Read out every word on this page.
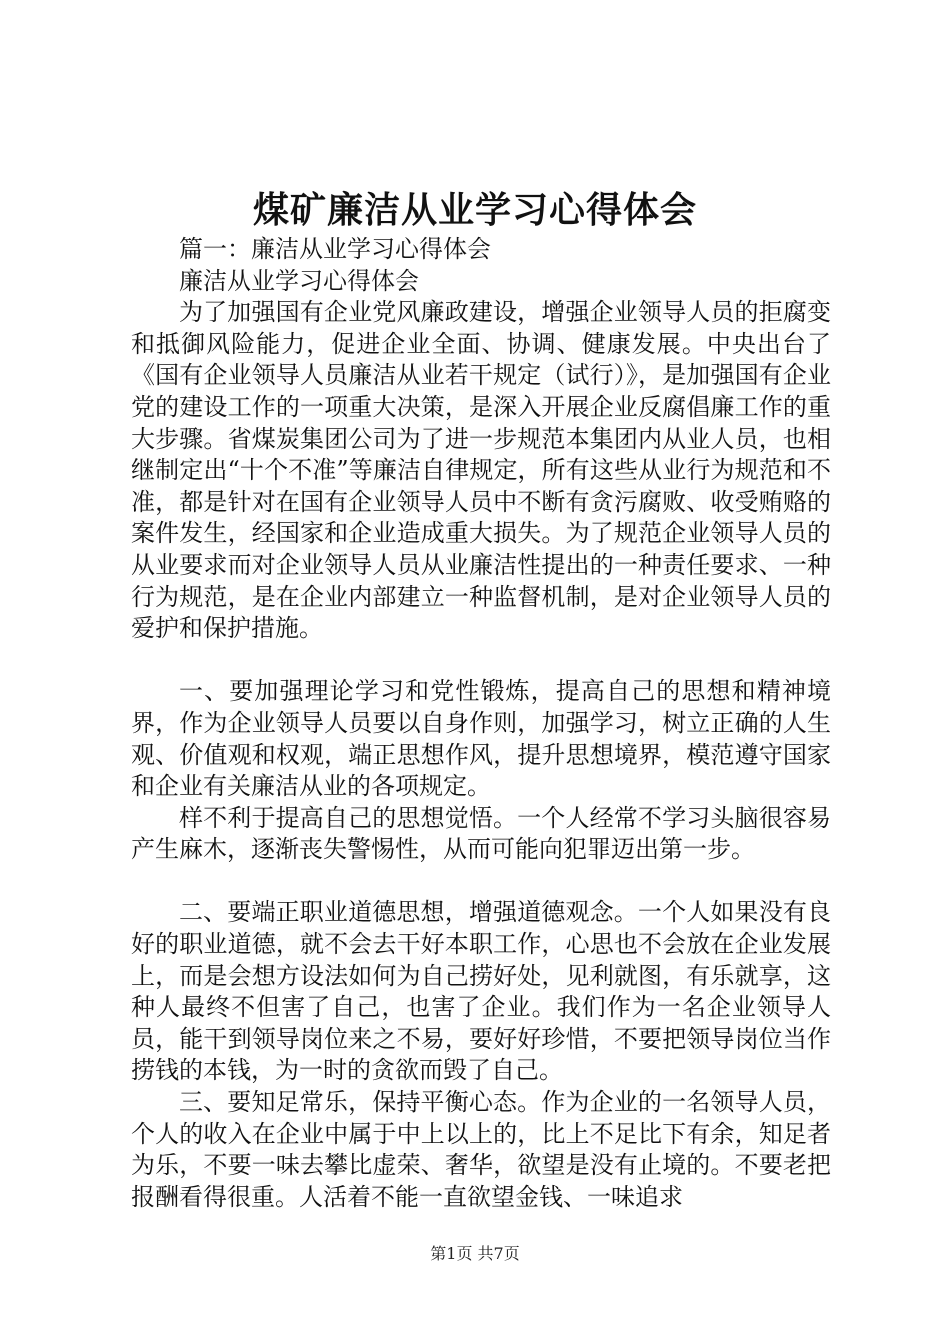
煤矿廉洁从业学习心得体会

篇一：廉洁从业学习心得体会

廉洁从业学习心得体会

为了加强国有企业党风廉政建设，增强企业领导人员的拒腐变和抵御风险能力，促进企业全面、协调、健康发展。中央出台了《国有企业领导人员廉洁从业若干规定（试行）》，是加强国有企业党的建设工作的一项重大决策，是深入开展企业反腐倡廉工作的重大步骤。省煤炭集团公司为了进一步规范本集团内从业人员，也相继制定出“十个不准”等廉洁自律规定，所有这些从业行为规范和不准，都是针对在国有企业领导人员中不断有贪污腐败、收受贿赂的案件发生，经国家和企业造成重大损失。为了规范企业领导人员的从业要求而对企业领导人员从业廉洁性提出的一种责任要求、一种行为规范，是在企业内部建立一种监督机制，是对企业领导人员的爱护和保护措施。

一、要加强理论学习和党性锻炼，提高自己的思想和精神境界，作为企业领导人员要以自身作则，加强学习，树立正确的人生观、价值观和权观，端正思想作风，提升思想境界，模范遵守国家和企业有关廉洁从业的各项规定。

样不利于提高自己的思想觉悟。一个人经常不学习头脑很容易产生麻木，逐渐丧失警惕性，从而可能向犯罪迈出第一步。

二、要端正职业道德思想，增强道德观念。一个人如果没有良好的职业道德，就不会去干好本职工作，心思也不会放在企业发展上，而是会想方设法如何为自己捞好处，见利就图，有乐就享，这种人最终不但害了自己，也害了企业。我们作为一名企业领导人员，能干到领导岗位来之不易，要好好珍惜，不要把领导岗位当作捞钱的本钱，为一时的贪欲而毁了自己。

三、要知足常乐，保持平衡心态。作为企业的一名领导人员，个人的收入在企业中属于中上以上的，比上不足比下有余，知足者为乐，不要一味去攀比虚荣、奢华，欲望是没有止境的。不要老把报酬看得很重。人活着不能一直欲望金钱、一味追求

第1页 共7页
